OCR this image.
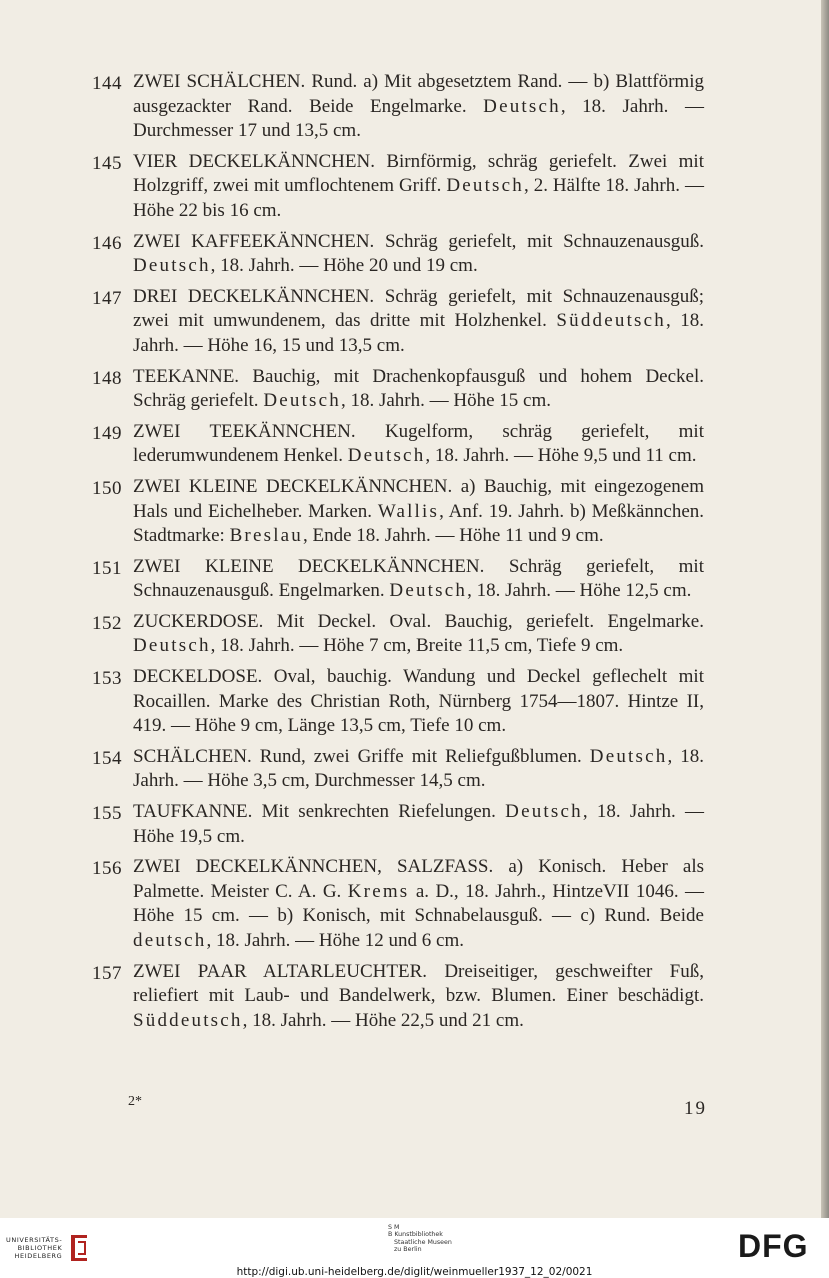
144 ZWEI SCHÄLCHEN. Rund. a) Mit abgesetztem Rand. — b) Blattförmig ausgezackter Rand. Beide Engelmarke. Deutsch, 18. Jahrh. — Durchmesser 17 und 13,5 cm.
145 VIER DECKELKÄNNCHEN. Birnförmig, schräg geriefelt. Zwei mit Holzgriff, zwei mit umflochtenem Griff. Deutsch, 2. Hälfte 18. Jahrh. — Höhe 22 bis 16 cm.
146 ZWEI KAFFEEKÄNNCHEN. Schräg geriefelt, mit Schnauzenausguß. Deutsch, 18. Jahrh. — Höhe 20 und 19 cm.
147 DREI DECKELKÄNNCHEN. Schräg geriefelt, mit Schnauzenausguß; zwei mit umwundenem, das dritte mit Holzhenkel. Süddeutsch, 18. Jahrh. — Höhe 16, 15 und 13,5 cm.
148 TEEKANNE. Bauchig, mit Drachenkopfausguß und hohem Deckel. Schräg geriefelt. Deutsch, 18. Jahrh. — Höhe 15 cm.
149 ZWEI TEEKÄNNCHEN. Kugelform, schräg geriefelt, mit lederumwundenem Henkel. Deutsch, 18. Jahrh. — Höhe 9,5 und 11 cm.
150 ZWEI KLEINE DECKELKÄNNCHEN. a) Bauchig, mit eingezogenem Hals und Eichelheber. Marken. Wallis, Anf. 19. Jahrh. b) Meßkännchen. Stadtmarke: Breslau, Ende 18. Jahrh. — Höhe 11 und 9 cm.
151 ZWEI KLEINE DECKELKÄNNCHEN. Schräg geriefelt, mit Schnauzenausguß. Engelmarken. Deutsch, 18. Jahrh. — Höhe 12,5 cm.
152 ZUCKERDOSE. Mit Deckel. Oval. Bauchig, geriefelt. Engelmarke. Deutsch, 18. Jahrh. — Höhe 7 cm, Breite 11,5 cm, Tiefe 9 cm.
153 DECKELDOSE. Oval, bauchig. Wandung und Deckel geflechelt mit Rocaillen. Marke des Christian Roth, Nürnberg 1754—1807. Hintze II, 419. — Höhe 9 cm, Länge 13,5 cm, Tiefe 10 cm.
154 SCHÄLCHEN. Rund, zwei Griffe mit Reliefgußblumen. Deutsch, 18. Jahrh. — Höhe 3,5 cm, Durchmesser 14,5 cm.
155 TAUFKANNE. Mit senkrechten Riefelungen. Deutsch, 18. Jahrh. — Höhe 19,5 cm.
156 ZWEI DECKELKÄNNCHEN, SALZFASS. a) Konisch. Heber als Palmette. Meister C. A. G. Krems a. D., 18. Jahrh., HintzeVII 1046. — Höhe 15 cm. — b) Konisch, mit Schnabelausguß. — c) Rund. Beide deutsch, 18. Jahrh. — Höhe 12 und 6 cm.
157 ZWEI PAAR ALTARLEUCHTER. Dreiseitiger, geschweifter Fuß, reliefiert mit Laub- und Bandelwerk, bzw. Blumen. Einer beschädigt. Süddeutsch, 18. Jahrh. — Höhe 22,5 und 21 cm.
2*	19
UNIVERSITÄTS-
BIBLIOTHEK
HEIDELBERG
S M
B Kunstbibliothek
Staatliche Museen
zu Berlin	DFG
http://digi.ub.uni-heidelberg.de/diglit/weinmueller1937_12_02/0021
